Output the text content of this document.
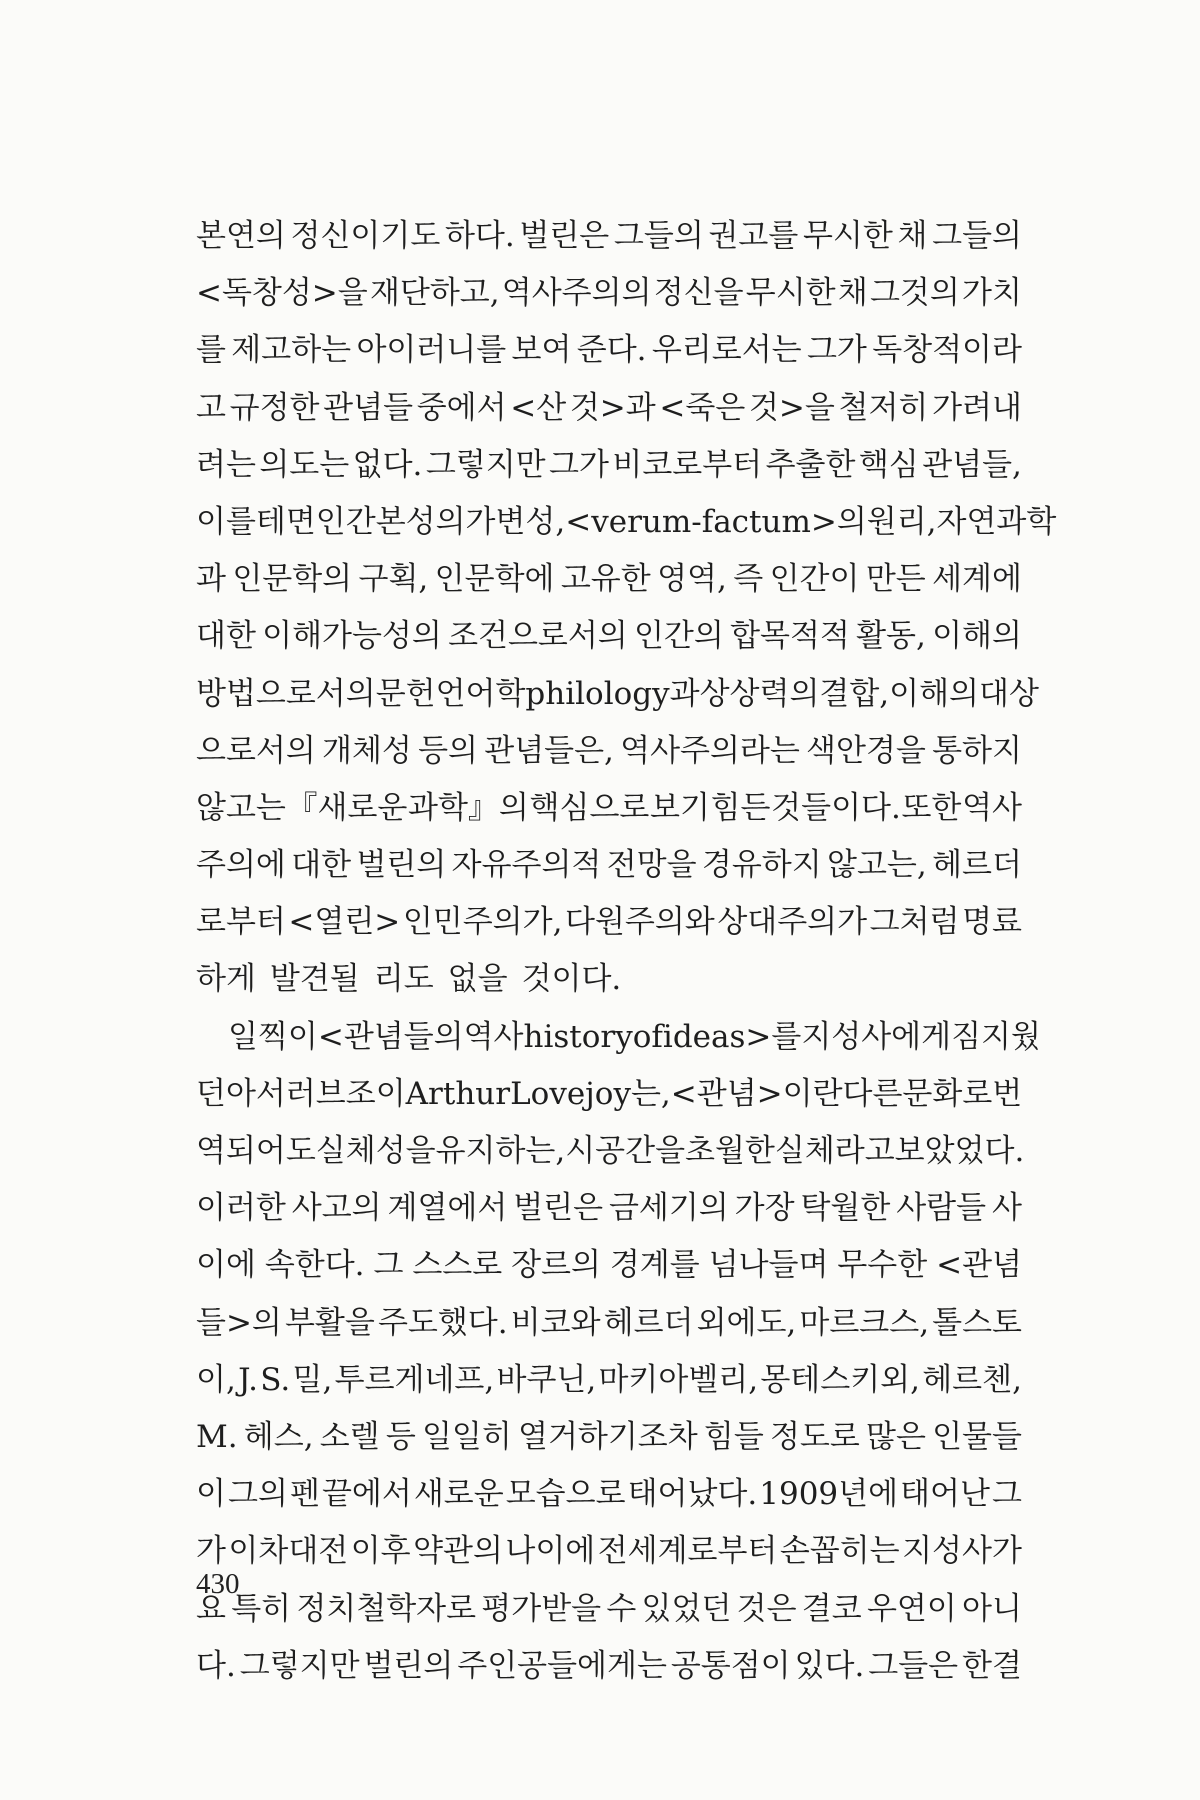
본연의 정신이기도 하다. 벌린은 그들의 권고를 무시한 채 그들의
<독창성>을 재단하고, 역사주의의 정신을 무시한 채 그것의 가치
를 제고하는 아이러니를 보여 준다. 우리로서는 그가 독창적이라
고 규정한 관념들 중에서 <산 것>과 <죽은 것>을 철저히 가려내
려는 의도는 없다. 그렇지만 그가 비코로부터 추출한 핵심 관념들,
이를테면 인간본성의 가변성, <verum-factum>의 원리, 자연과학
과 인문학의 구획, 인문학에 고유한 영역, 즉 인간이 만든 세계에
대한 이해가능성의 조건으로서의 인간의 합목적적 활동, 이해의
방법으로서의 문헌언어학 philology과 상상력의 결합, 이해의 대상
으로서의 개체성 등의 관념들은, 역사주의라는 색안경을 통하지
않고는 『새로운 과학』의 핵심으로 보기 힘든 것들이다. 또한 역사
주의에 대한 벌린의 자유주의적 전망을 경유하지 않고는, 헤르더
로부터 <열린> 인민주의가, 다원주의와 상대주의가 그처럼 명료
하게 발견될 리도 없을 것이다.
일찍이 <관념들의 역사 history of ideas>를 지성사에게 짐지웠
던 아서 러브조이 Arthur Lovejoy는, <관념>이란 다른 문화로 번
역되어도 실체성을 유지하는, 시공간을 초월한 실체라고 보았었다.
이러한 사고의 계열에서 벌린은 금세기의 가장 탁월한 사람들 사
이에 속한다. 그 스스로 장르의 경계를 넘나들며 무수한 <관념
들>의 부활을 주도했다. 비코와 헤르더 외에도, 마르크스, 톨스토
이, J. S. 밀, 투르게네프, 바쿠닌, 마키아벨리, 몽테스키외, 헤르첸,
M. 헤스, 소렐 등 일일히 열거하기조차 힘들 정도로 많은 인물들
이 그의 펜 끝에서 새로운 모습으로 태어났다. 1909년에 태어난 그
가 이차대전 이후 약관의 나이에 전세계로부터 손꼽히는 지성사가
요 특히 정치철학자로 평가받을 수 있었던 것은 결코 우연이 아니
다. 그렇지만 벌린의 주인공들에게는 공통점이 있다. 그들은 한결
430
